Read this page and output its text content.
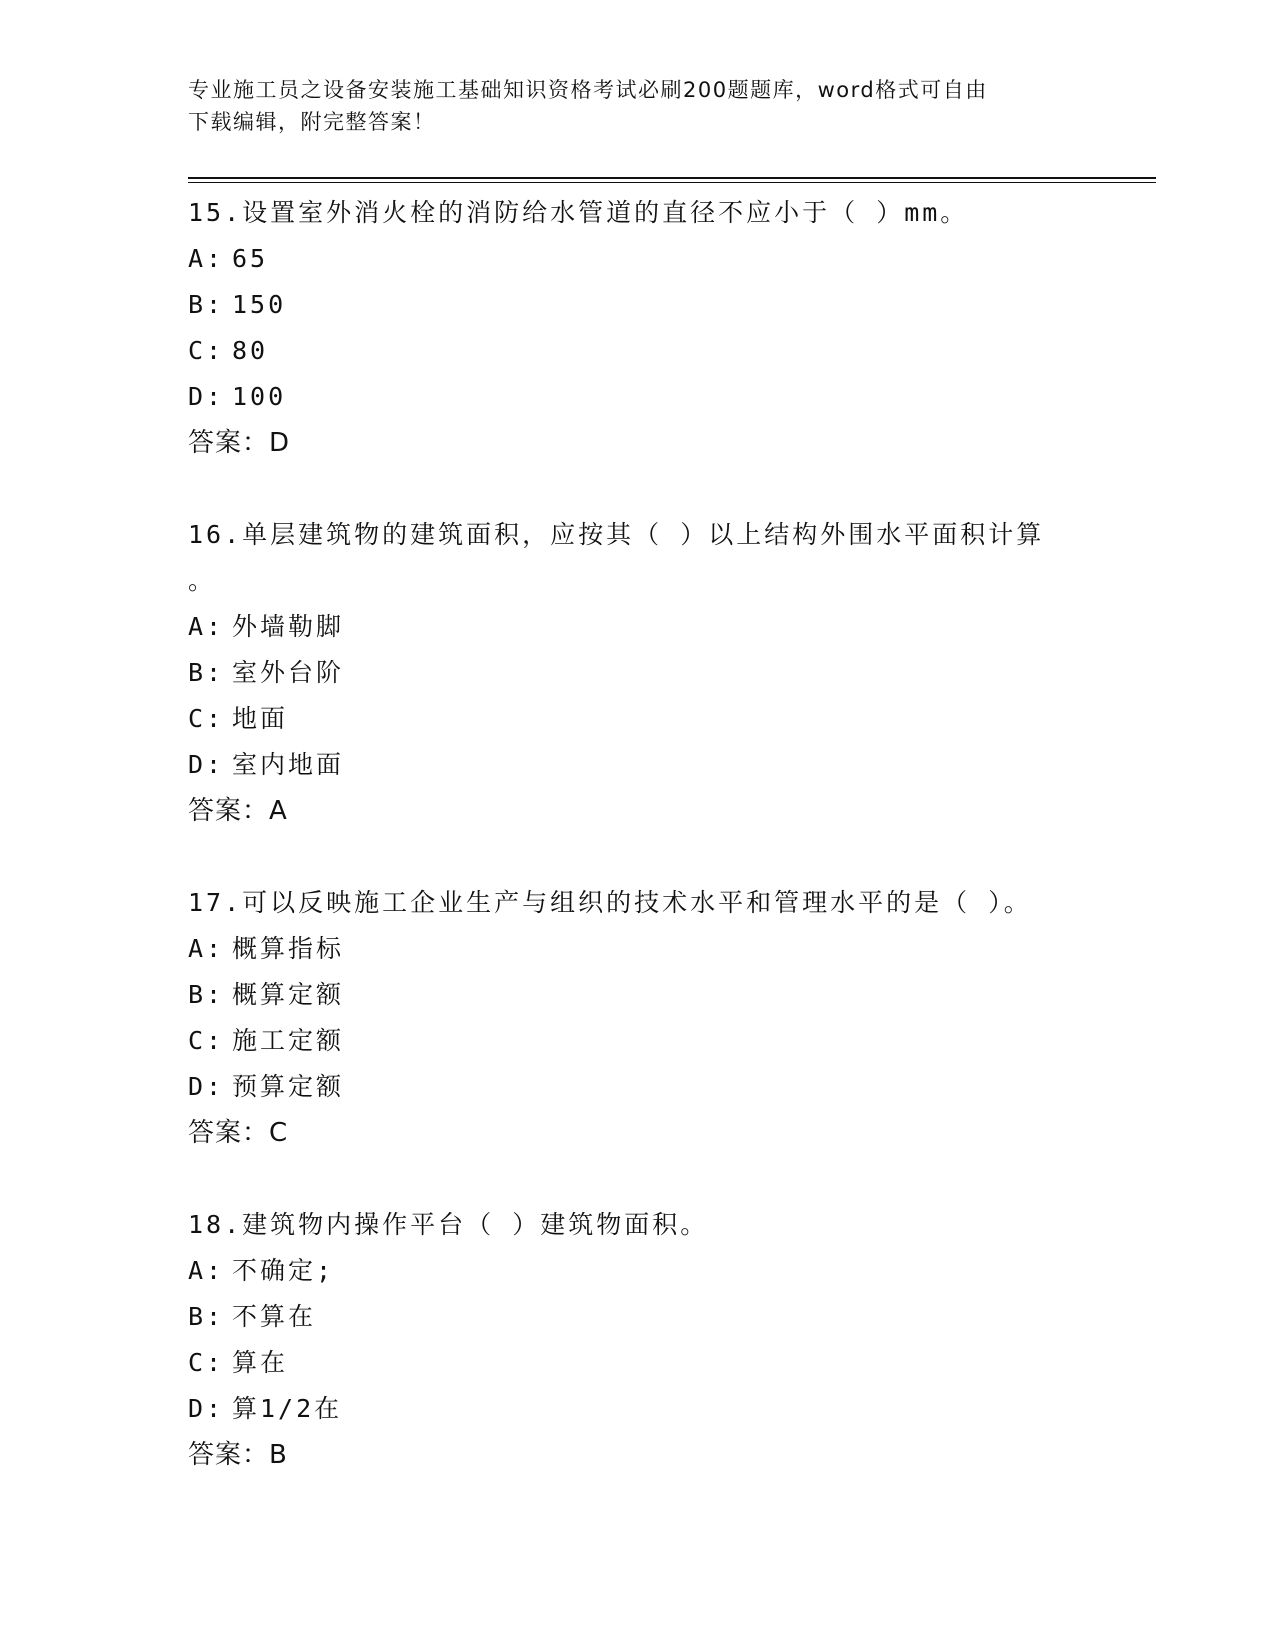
专业施工员之设备安装施工基础知识资格考试必刷200题题库，word格式可自由
下载编辑，附完整答案！

15.设置室外消火栓的消防给水管道的直径不应小于（ ）mm。

A: 65

B: 150

C: 80

D: 100

答案：D

16.单层建筑物的建筑面积，应按其（ ）以上结构外围水平面积计算

。

A: 外墙勒脚

B: 室外台阶

C: 地面

D: 室内地面

答案：A

17.可以反映施工企业生产与组织的技术水平和管理水平的是（ ）。

A: 概算指标

B: 概算定额

C: 施工定额

D: 预算定额

答案：C

18.建筑物内操作平台（ ）建筑物面积。

A: 不确定;

B: 不算在

C: 算在

D: 算1/2在

答案：B
